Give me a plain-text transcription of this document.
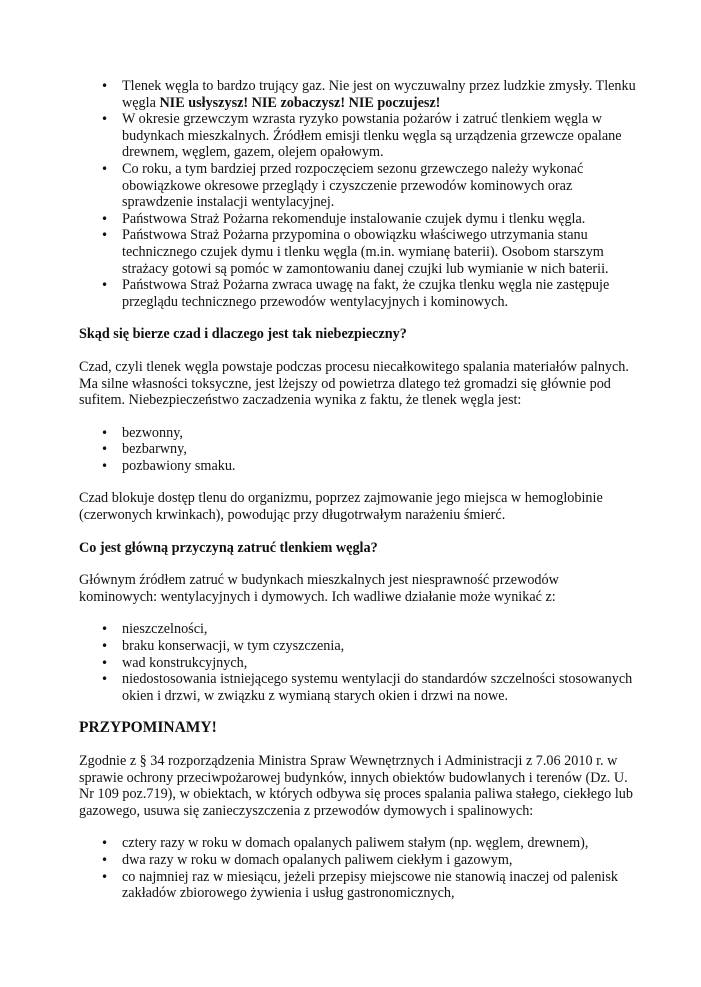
• Tlenek węgla to bardzo trujący gaz. Nie jest on wyczuwalny przez ludzkie zmysły. Tlenku węgla NIE usłyszysz! NIE zobaczysz! NIE poczujesz!
• W okresie grzewczym wzrasta ryzyko powstania pożarów i zatruć tlenkiem węgla w budynkach mieszkalnych. Źródłem emisji tlenku węgla są urządzenia grzewcze opalane drewnem, węglem, gazem, olejem opałowym.
• Co roku, a tym bardziej przed rozpoczęciem sezonu grzewczego należy wykonać obowiązkowe okresowe przeglądy i czyszczenie przewodów kominowych oraz sprawdzenie instalacji wentylacyjnej.
• Państwowa Straż Pożarna rekomenduje instalowanie czujek dymu i tlenku węgla.
• Państwowa Straż Pożarna przypomina o obowiązku właściwego utrzymania stanu technicznego czujek dymu i tlenku węgla (m.in. wymianę baterii). Osobom starszym strażacy gotowi są pomóc w zamontowaniu danej czujki lub wymianie w nich baterii.
• Państwowa Straż Pożarna zwraca uwagę na fakt, że czujka tlenku węgla nie zastępuje przeglądu technicznego przewodów wentylacyjnych i kominowych.

Skąd się bierze czad i dlaczego jest tak niebezpieczny?

Czad, czyli tlenek węgla powstaje podczas procesu niecałkowitego spalania materiałów palnych. Ma silne własności toksyczne, jest lżejszy od powietrza dlatego też gromadzi się głównie pod sufitem. Niebezpieczeństwo zaczadzenia wynika z faktu, że tlenek węgla jest:

• bezwonny,
• bezbarwny,
• pozbawiony smaku.

Czad blokuje dostęp tlenu do organizmu, poprzez zajmowanie jego miejsca w hemoglobinie (czerwonych krwinkach), powodując przy długotrwałym narażeniu śmierć.

Co jest główną przyczyną zatruć tlenkiem węgla?

Głównym źródłem zatruć w budynkach mieszkalnych jest niesprawność przewodów kominowych: wentylacyjnych i dymowych. Ich wadliwe działanie może wynikać z:

• nieszczelności,
• braku konserwacji, w tym czyszczenia,
• wad konstrukcyjnych,
• niedostosowania istniejącego systemu wentylacji do standardów szczelności stosowanych okien i drzwi, w związku z wymianą starych okien i drzwi na nowe.

PRZYPOMINAMY!

Zgodnie z § 34 rozporządzenia Ministra Spraw Wewnętrznych i Administracji z 7.06 2010 r. w sprawie ochrony przeciwpożarowej budynków, innych obiektów budowlanych i terenów (Dz. U. Nr 109 poz.719), w obiektach, w których odbywa się proces spalania paliwa stałego, ciekłego lub gazowego, usuwa się zanieczyszczenia z przewodów dymowych i spalinowych:

• cztery razy w roku w domach opalanych paliwem stałym (np. węglem, drewnem),
• dwa razy w roku w domach opalanych paliwem ciekłym i gazowym,
• co najmniej raz w miesiącu, jeżeli przepisy miejscowe nie stanowią inaczej od palenisk zakładów zbiorowego żywienia i usług gastronomicznych,
